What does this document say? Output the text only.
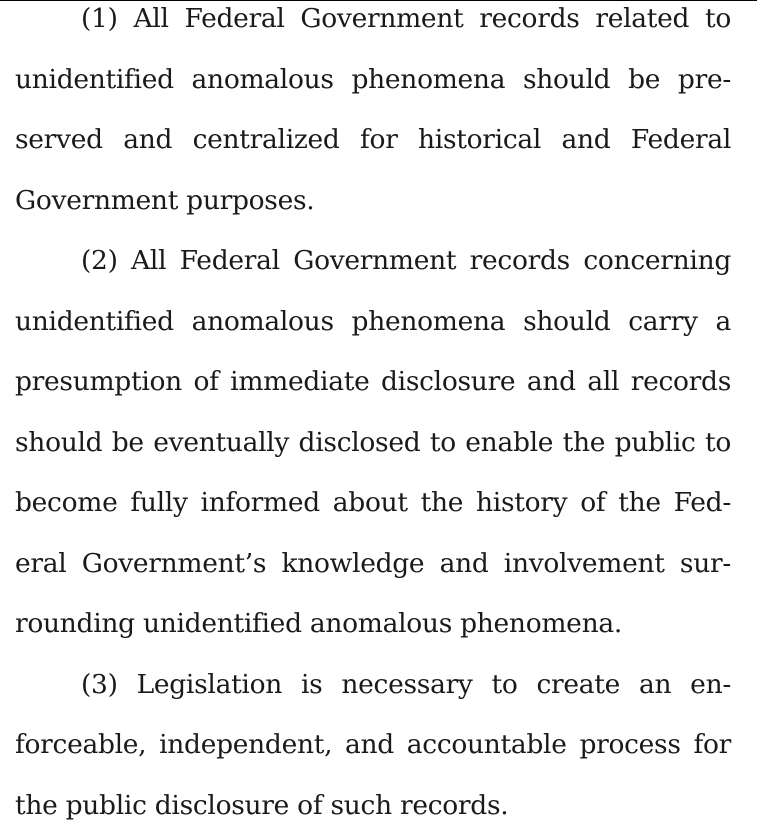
(1) All Federal Government records related to
unidentified anomalous phenomena should be pre-
served and centralized for historical and Federal
Government purposes.
(2) All Federal Government records concerning
unidentified anomalous phenomena should carry a
presumption of immediate disclosure and all records
should be eventually disclosed to enable the public to
become fully informed about the history of the Fed-
eral Government’s knowledge and involvement sur-
rounding unidentified anomalous phenomena.
(3) Legislation is necessary to create an en-
forceable, independent, and accountable process for
the public disclosure of such records.
